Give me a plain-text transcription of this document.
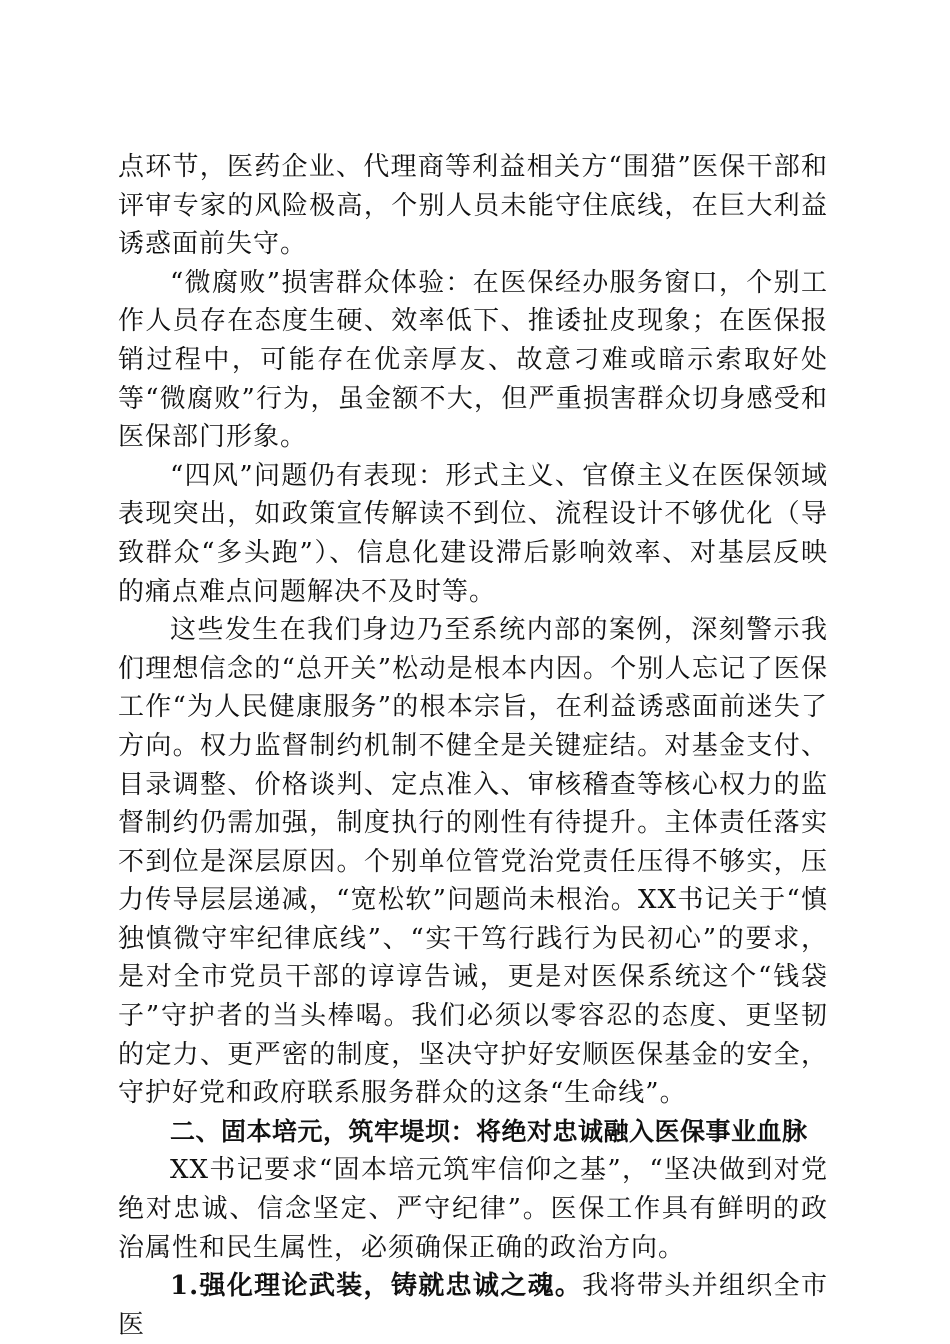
点环节，医药企业、代理商等利益相关方“围猎”医保干部和评审专家的风险极高，个别人员未能守住底线，在巨大利益诱惑面前失守。

“微腐败”损害群众体验：在医保经办服务窗口，个别工作人员存在态度生硬、效率低下、推诿扯皮现象；在医保报销过程中，可能存在优亲厚友、故意刁难或暗示索取好处等“微腐败”行为，虽金额不大，但严重损害群众切身感受和医保部门形象。

“四风”问题仍有表现：形式主义、官僚主义在医保领域表现突出，如政策宣传解读不到位、流程设计不够优化（导致群众“多头跑”）、信息化建设滞后影响效率、对基层反映的痛点难点问题解决不及时等。

这些发生在我们身边乃至系统内部的案例，深刻警示我们理想信念的“总开关”松动是根本内因。个别人忘记了医保工作“为人民健康服务”的根本宗旨，在利益诱惑面前迷失了方向。权力监督制约机制不健全是关键症结。对基金支付、目录调整、价格谈判、定点准入、审核稽查等核心权力的监督制约仍需加强，制度执行的刚性有待提升。主体责任落实不到位是深层原因。个别单位管党治党责任压得不够实，压力传导层层递减，“宽松软”问题尚未根治。XX书记关于“慎独慎微守牢纪律底线”、“实干笃行践行为民初心”的要求，是对全市党员干部的谆谆告诫，更是对医保系统这个“钱袋子”守护者的当头棒喝。我们必须以零容忍的态度、更坚韧的定力、更严密的制度，坚决守护好安顺医保基金的安全，守护好党和政府联系服务群众的这条“生命线”。

二、固本培元，筑牢堤坝：将绝对忠诚融入医保事业血脉

XX书记要求“固本培元筑牢信仰之基”，“坚决做到对党绝对忠诚、信念坚定、严守纪律”。医保工作具有鲜明的政治属性和民生属性，必须确保正确的政治方向。

1.强化理论武装，铸就忠诚之魂。我将带头并组织全市医
